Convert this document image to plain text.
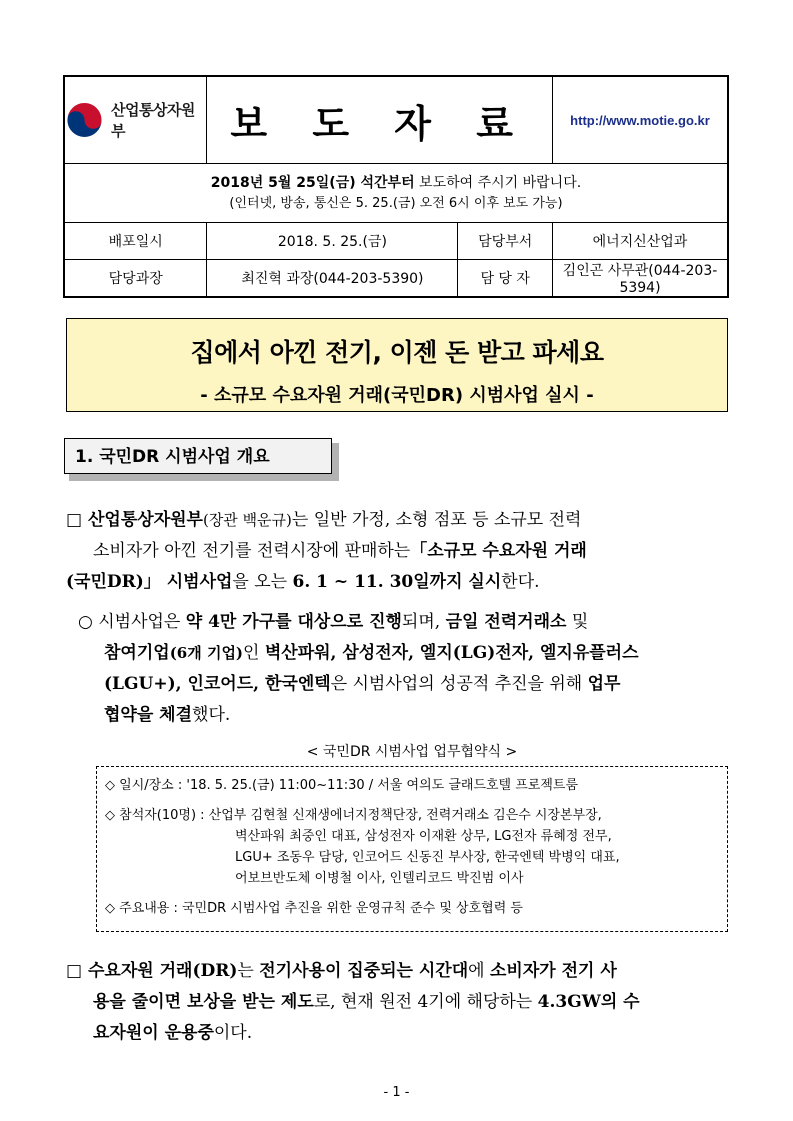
산업통상자원부	보 도 자 료		http://www.motie.go.kr
2018년 5월 25일(금) 석간부터 보도하여 주시기 바랍니다.
(인터넷, 방송, 통신은 5. 25.(금) 오전 6시 이후 보도 가능)			
배포일시	2018. 5. 25.(금)	담당부서	에너지신산업과
담당과장	최진혁 과장(044-203-5390)	담 당 자	김인곤 사무관(044-203-5394)
집에서 아낀 전기, 이젠 돈 받고 파세요
- 소규모 수요자원 거래(국민DR) 시범사업 실시 -
1. 국민DR 시범사업 개요
□ 산업통상자원부(장관 백운규)는 일반 가정, 소형 점포 등 소규모 전력
소비자가 아낀 전기를 전력시장에 판매하는「소규모 수요자원 거래
(국민DR)」 시범사업을 오는 6. 1 ~ 11. 30일까지 실시한다.
○ 시범사업은 약 4만 가구를 대상으로 진행되며, 금일 전력거래소 및
참여기업(6개 기업)인 벽산파워, 삼성전자, 엘지(LG)전자, 엘지유플러스
(LGU+), 인코어드, 한국엔텍은 시범사업의 성공적 추진을 위해 업무
협약을 체결했다.
< 국민DR 시범사업 업무협약식 >
◇ 일시/장소 : '18. 5. 25.(금) 11:00~11:30 / 서울 여의도 글래드호텔 프로젝트룸
◇ 참석자(10명) : 산업부 김현철 신재생에너지정책단장, 전력거래소 김은수 시장본부장,
벽산파워 최중인 대표, 삼성전자 이재환 상무, LG전자 류혜정 전무,
LGU+ 조동우 담당, 인코어드 신동진 부사장, 한국엔텍 박병익 대표,
어보브반도체 이병철 이사, 인텔리코드 박진범 이사
◇ 주요내용 : 국민DR 시범사업 추진을 위한 운영규칙 준수 및 상호협력 등
□ 수요자원 거래(DR)는 전기사용이 집중되는 시간대에 소비자가 전기 사
용을 줄이면 보상을 받는 제도로, 현재 원전 4기에 해당하는 4.3GW의 수
요자원이 운용중이다.
- 1 -
